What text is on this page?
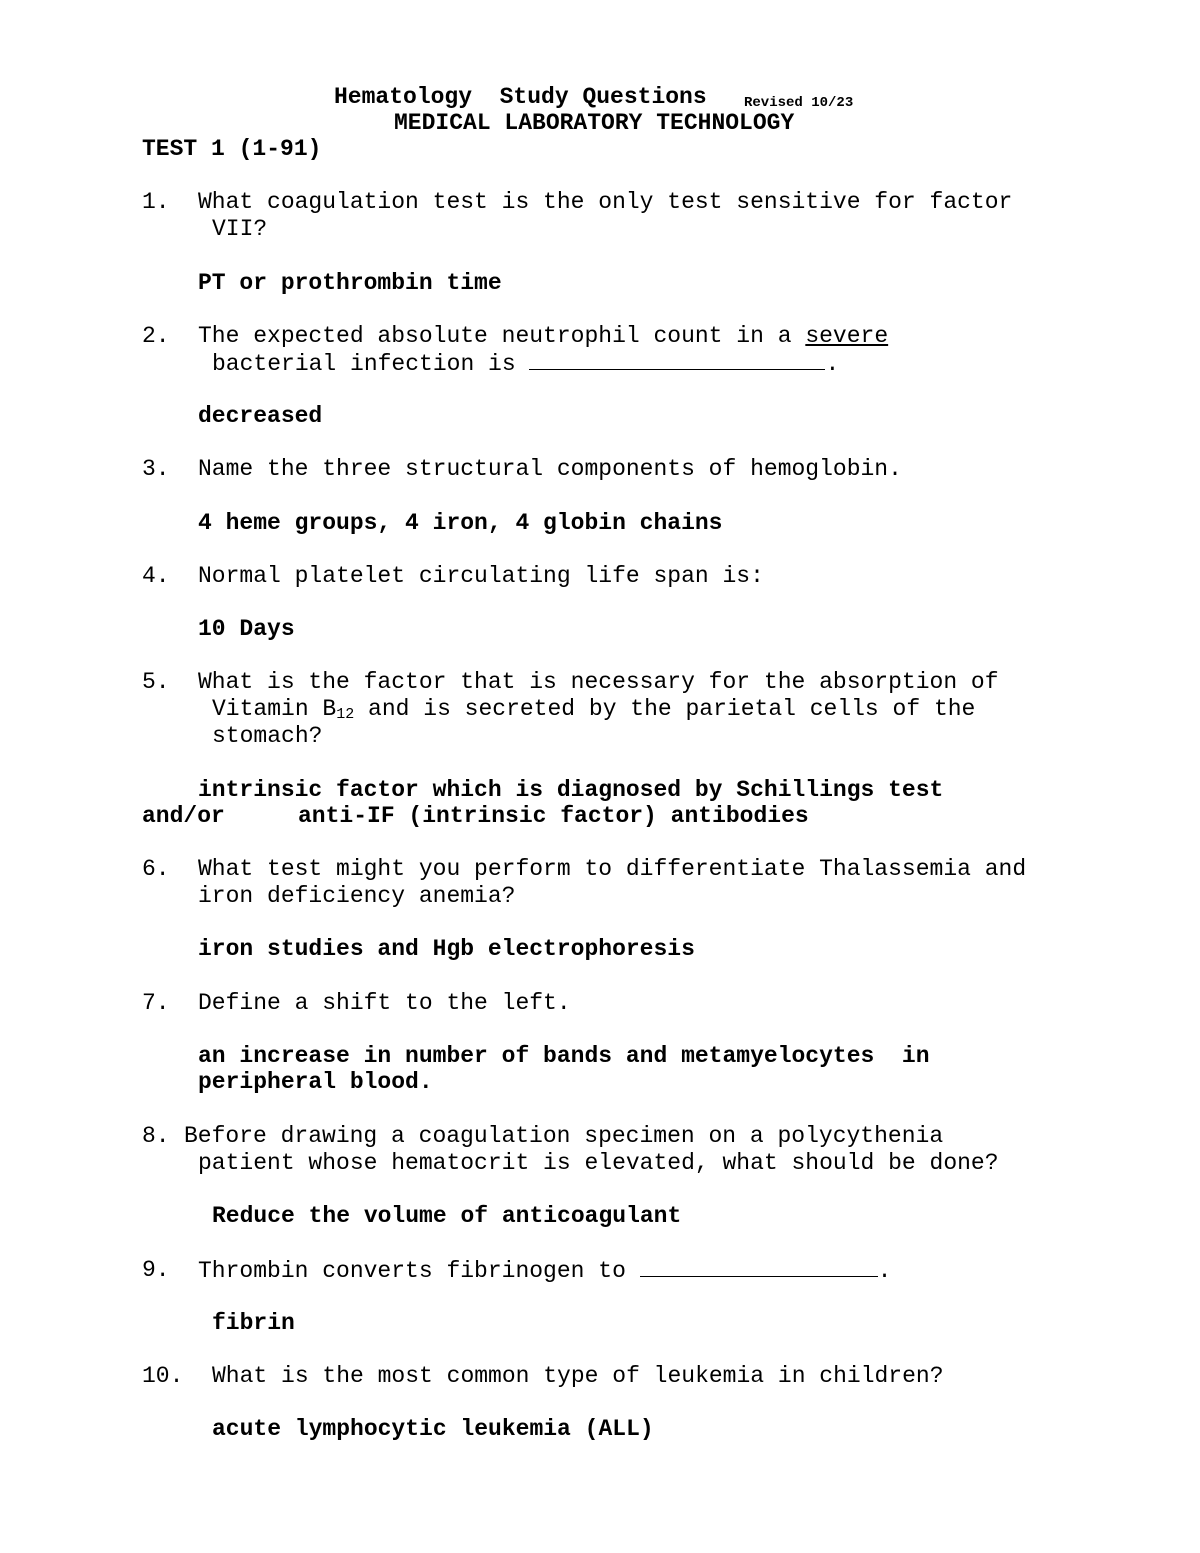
Hematology  Study Questions	Revised 10/23
MEDICAL LABORATORY TECHNOLOGY
TEST 1 (1-91)
1. What coagulation test is the only test sensitive for factor
VII?
PT or prothrombin time
2. The expected absolute neutrophil count in a severe
bacterial infection is	.
decreased
3. Name the three structural components of hemoglobin.
4 heme groups, 4 iron, 4 globin chains
4. Normal platelet circulating life span is:
10 Days
5. What is the factor that is necessary for the absorption of
Vitamin $B_{12}$ and is secreted by the parietal cells of the
stomach?
intrinsic factor which is diagnosed by Schillings test
and/or	anti-IF (intrinsic factor) antibodies
6. What test might you perform to differentiate Thalassemia and
iron deficiency anemia?
iron studies and Hgb electrophoresis
7. Define a shift to the left.
an increase in number of bands and metamyelocytes  in
peripheral blood.
8. Before drawing a coagulation specimen on a polycythenia
patient whose hematocrit is elevated, what should be done?
Reduce the volume of anticoagulant
9. Thrombin converts fibrinogen to	.
fibrin
10. What is the most common type of leukemia in children?
acute lymphocytic leukemia (ALL)
